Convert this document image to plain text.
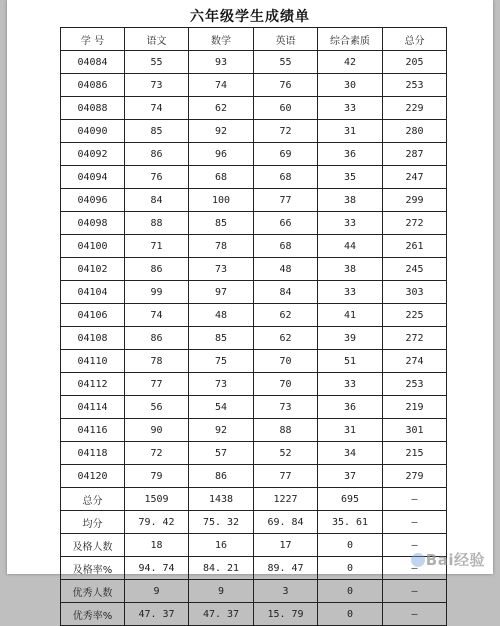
六年级学生成绩单
学 号	语文	数学	英语	综合素质	总分
04084	55	93	55	42	205
04086	73	74	76	30	253
04088	74	62	60	33	229
04090	85	92	72	31	280
04092	86	96	69	36	287
04094	76	68	68	35	247
04096	84	100	77	38	299
04098	88	85	66	33	272
04100	71	78	68	44	261
04102	86	73	48	38	245
04104	99	97	84	33	303
04106	74	48	62	41	225
04108	86	85	62	39	272
04110	78	75	70	51	274
04112	77	73	70	33	253
04114	56	54	73	36	219
04116	90	92	88	31	301
04118	72	57	52	34	215
04120	79	86	77	37	279
总分	1509	1438	1227	695	—
均分	79. 42	75. 32	69. 84	35. 61	—
及格人数	18	16	17	0	—
及格率%	94. 74	84. 21	89. 47	0	—
优秀人数	9	9	3	0	—
优秀率%	47. 37	47. 37	15. 79	0	—
Bai经验
